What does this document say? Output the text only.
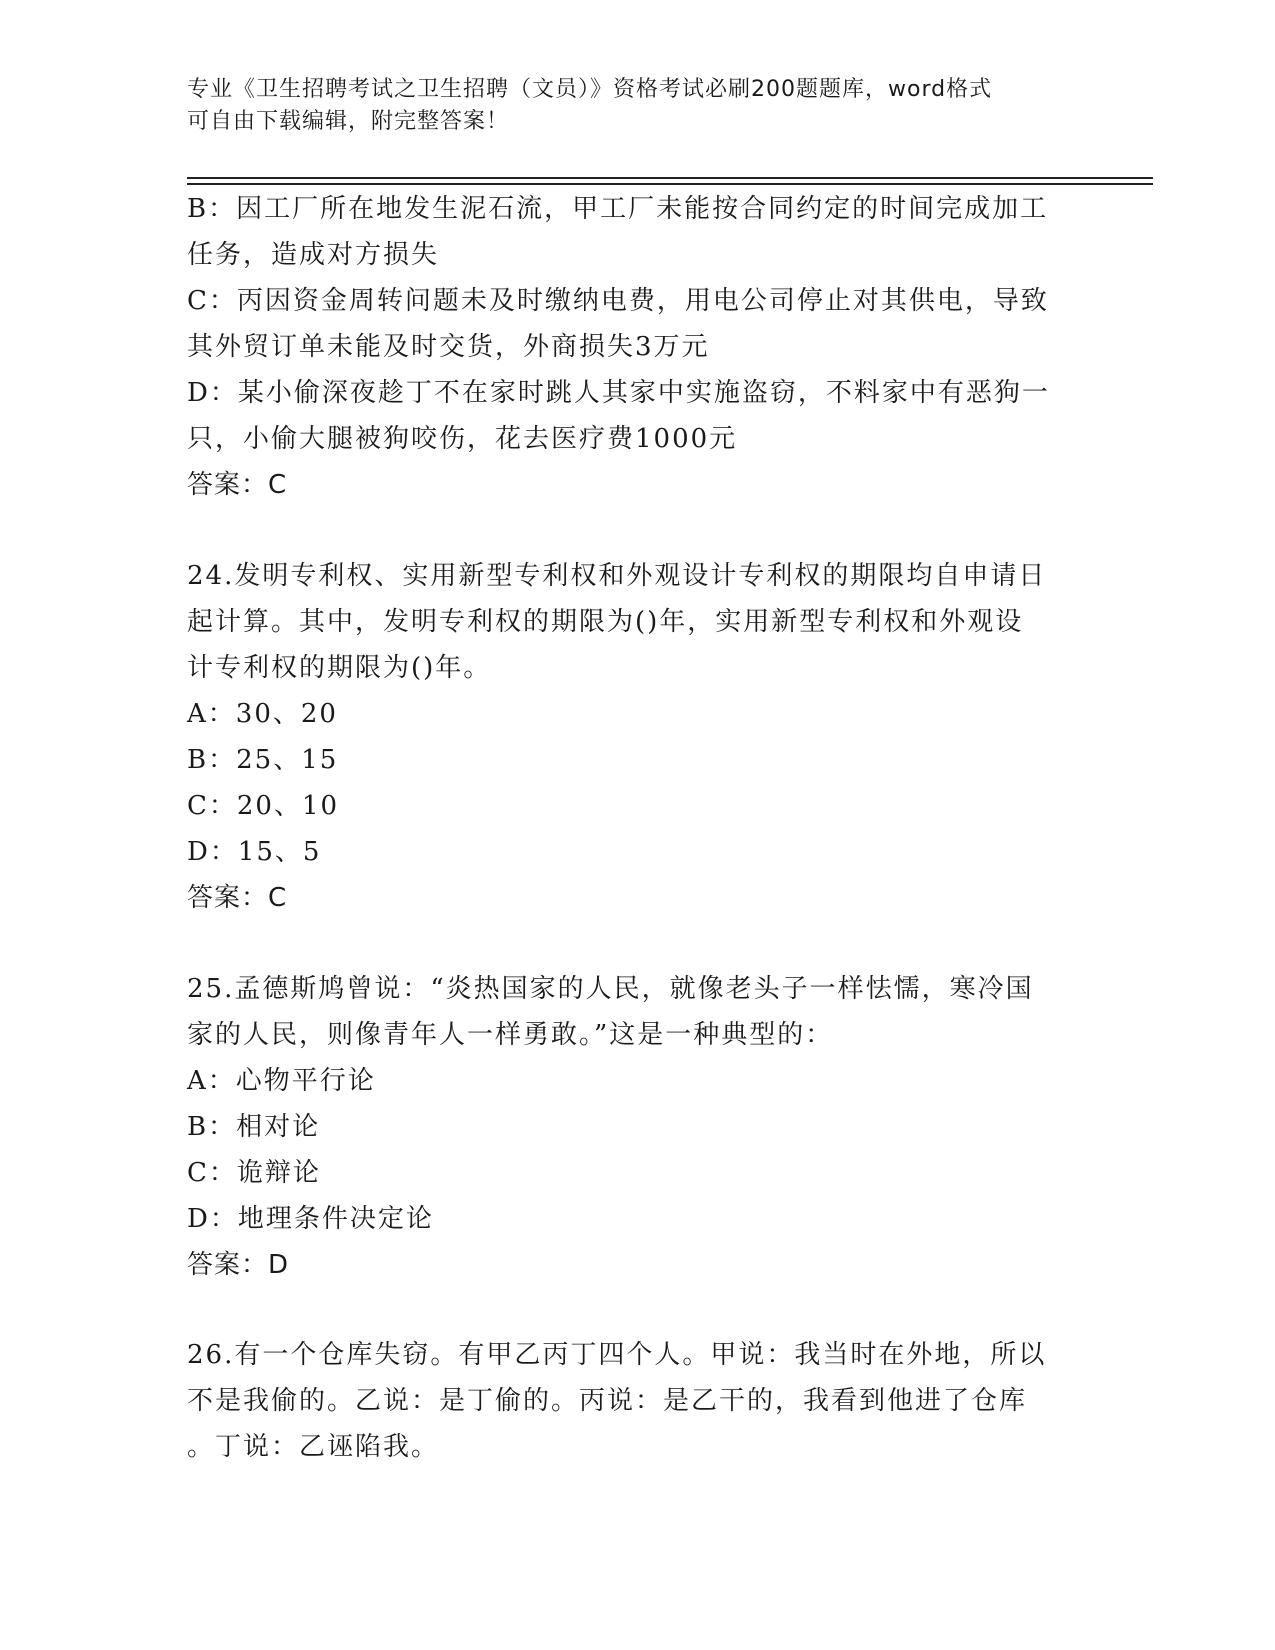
专业《卫生招聘考试之卫生招聘（文员）》资格考试必刷200题题库，word格式
可自由下载编辑，附完整答案！
B：因工厂所在地发生泥石流，甲工厂未能按合同约定的时间完成加工
任务，造成对方损失
C：丙因资金周转问题未及时缴纳电费，用电公司停止对其供电，导致
其外贸订单未能及时交货，外商损失3万元
D：某小偷深夜趁丁不在家时跳人其家中实施盗窃，不料家中有恶狗一
只，小偷大腿被狗咬伤，花去医疗费1000元
答案：C
24.发明专利权、实用新型专利权和外观设计专利权的期限均自申请日
起计算。其中，发明专利权的期限为()年，实用新型专利权和外观设
计专利权的期限为()年。
A：30、20
B：25、15
C：20、10
D：15、5
答案：C
25.孟德斯鸠曾说：“炎热国家的人民，就像老头子一样怯懦，寒冷国
家的人民，则像青年人一样勇敢。”这是一种典型的：
A：心物平行论
B：相对论
C：诡辩论
D：地理条件决定论
答案：D
26.有一个仓库失窃。有甲乙丙丁四个人。甲说：我当时在外地，所以
不是我偷的。乙说：是丁偷的。丙说：是乙干的，我看到他进了仓库
。丁说：乙诬陷我。
